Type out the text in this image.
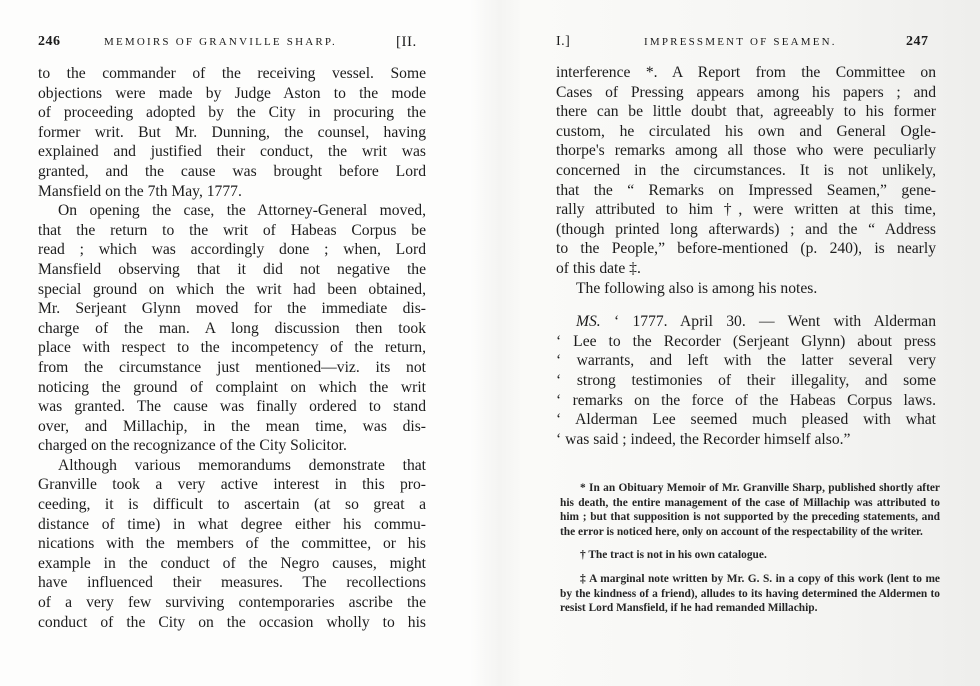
246	MEMOIRS OF GRANVILLE SHARP.	[II.
to the commander of the receiving vessel. Some
objections were made by Judge Aston to the mode
of proceeding adopted by the City in procuring the
former writ. But Mr. Dunning, the counsel, having
explained and justified their conduct, the writ was
granted, and the cause was brought before Lord
Mansfield on the 7th May, 1777.
On opening the case, the Attorney-General moved,
that the return to the writ of Habeas Corpus be
read ; which was accordingly done ; when, Lord
Mansfield observing that it did not negative the
special ground on which the writ had been obtained,
Mr. Serjeant Glynn moved for the immediate dis-
charge of the man. A long discussion then took
place with respect to the incompetency of the return,
from the circumstance just mentioned—viz. its not
noticing the ground of complaint on which the writ
was granted. The cause was finally ordered to stand
over, and Millachip, in the mean time, was dis-
charged on the recognizance of the City Solicitor.
Although various memorandums demonstrate that
Granville took a very active interest in this pro-
ceeding, it is difficult to ascertain (at so great a
distance of time) in what degree either his commu-
nications with the members of the committee, or his
example in the conduct of the Negro causes, might
have influenced their measures. The recollections
of a very few surviving contemporaries ascribe the
conduct of the City on the occasion wholly to his
I.]	IMPRESSMENT OF SEAMEN.	247
interference *. A Report from the Committee on
Cases of Pressing appears among his papers ; and
there can be little doubt that, agreeably to his former
custom, he circulated his own and General Ogle-
thorpe's remarks among all those who were peculiarly
concerned in the circumstances. It is not unlikely,
that the “ Remarks on Impressed Seamen,” gene-
rally attributed to him †, were written at this time,
(though printed long afterwards) ; and the “ Address
to the People,” before-mentioned (p. 240), is nearly
of this date ‡.
The following also is among his notes.
MS. ‘ 1777. April 30. — Went with Alderman
‘ Lee to the Recorder (Serjeant Glynn) about press
‘ warrants, and left with the latter several very
‘ strong testimonies of their illegality, and some
‘ remarks on the force of the Habeas Corpus laws.
‘ Alderman Lee seemed much pleased with what
‘ was said ; indeed, the Recorder himself also.”

* In an Obituary Memoir of Mr. Granville Sharp, published shortly after his death, the entire management of the case of Millachip was attributed to him ; but that supposition is not supported by the preceding statements, and the error is noticed here, only on account of the respectability of the writer.

† The tract is not in his own catalogue.

‡ A marginal note written by Mr. G. S. in a copy of this work (lent to me by the kindness of a friend), alludes to its having determined the Aldermen to resist Lord Mansfield, if he had remanded Millachip.
